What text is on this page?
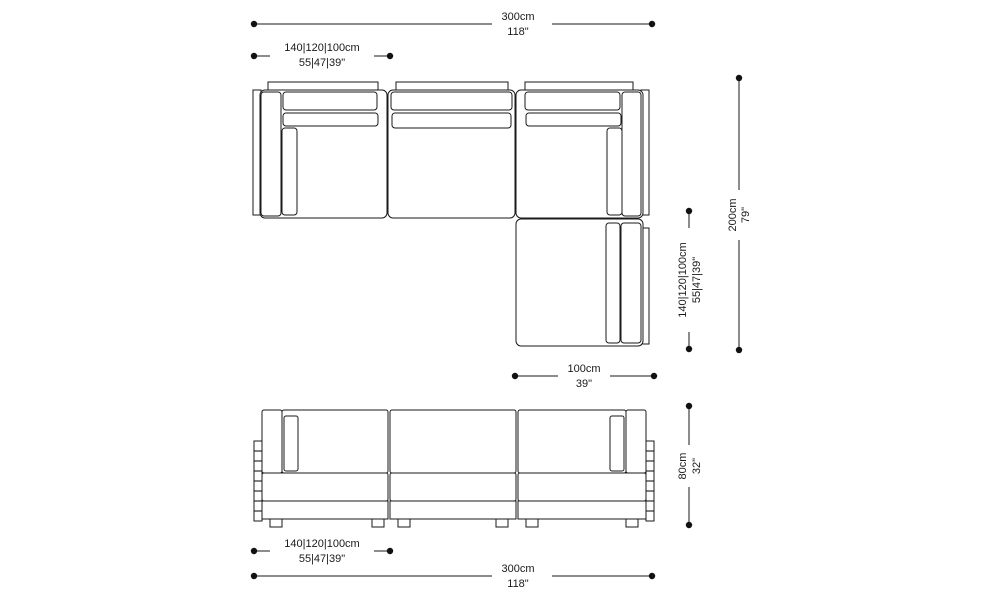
300cm
118"
140|120|100cm
55|47|39"
200cm 79"
140|120|100cm 55|47|39"
100cm
39"
80cm 32"
140|120|100cm
55|47|39"
300cm
118"
